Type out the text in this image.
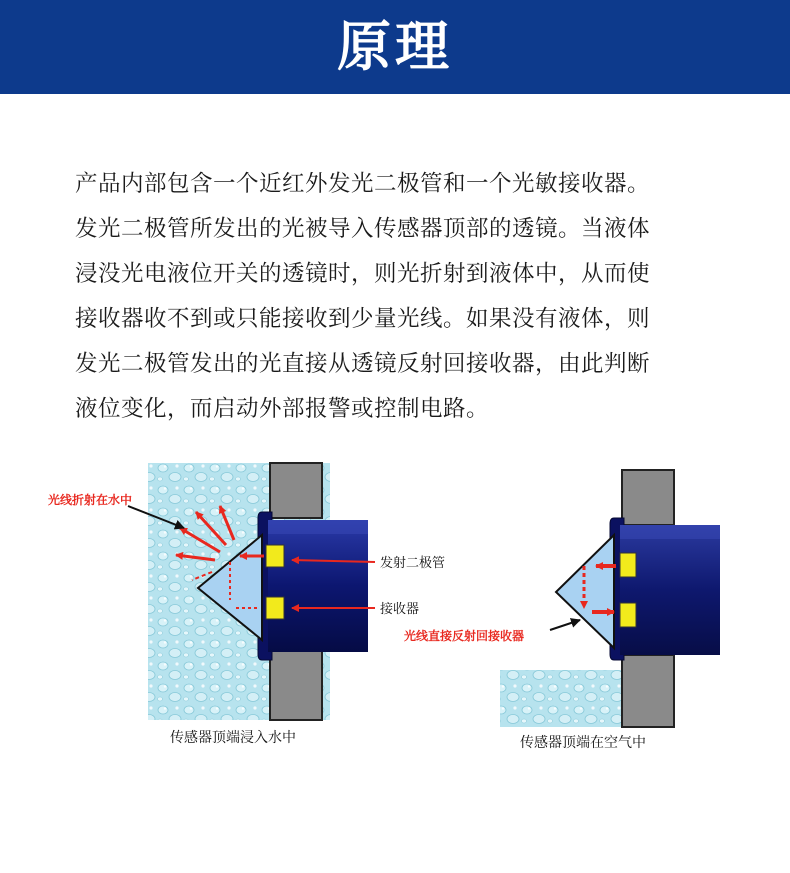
原理

产品内部包含一个近红外发光二极管和一个光敏接收器。

发光二极管所发出的光被导入传感器顶部的透镜。当液体

浸没光电液位开关的透镜时，则光折射到液体中，从而使

接收器收不到或只能接收到少量光线。如果没有液体，则

发光二极管发出的光直接从透镜反射回接收器，由此判断

液位变化，而启动外部报警或控制电路。

光线折射在水中
发射二极管
接收器
传感器顶端浸入水中
光线直接反射回接收器
传感器顶端在空气中
